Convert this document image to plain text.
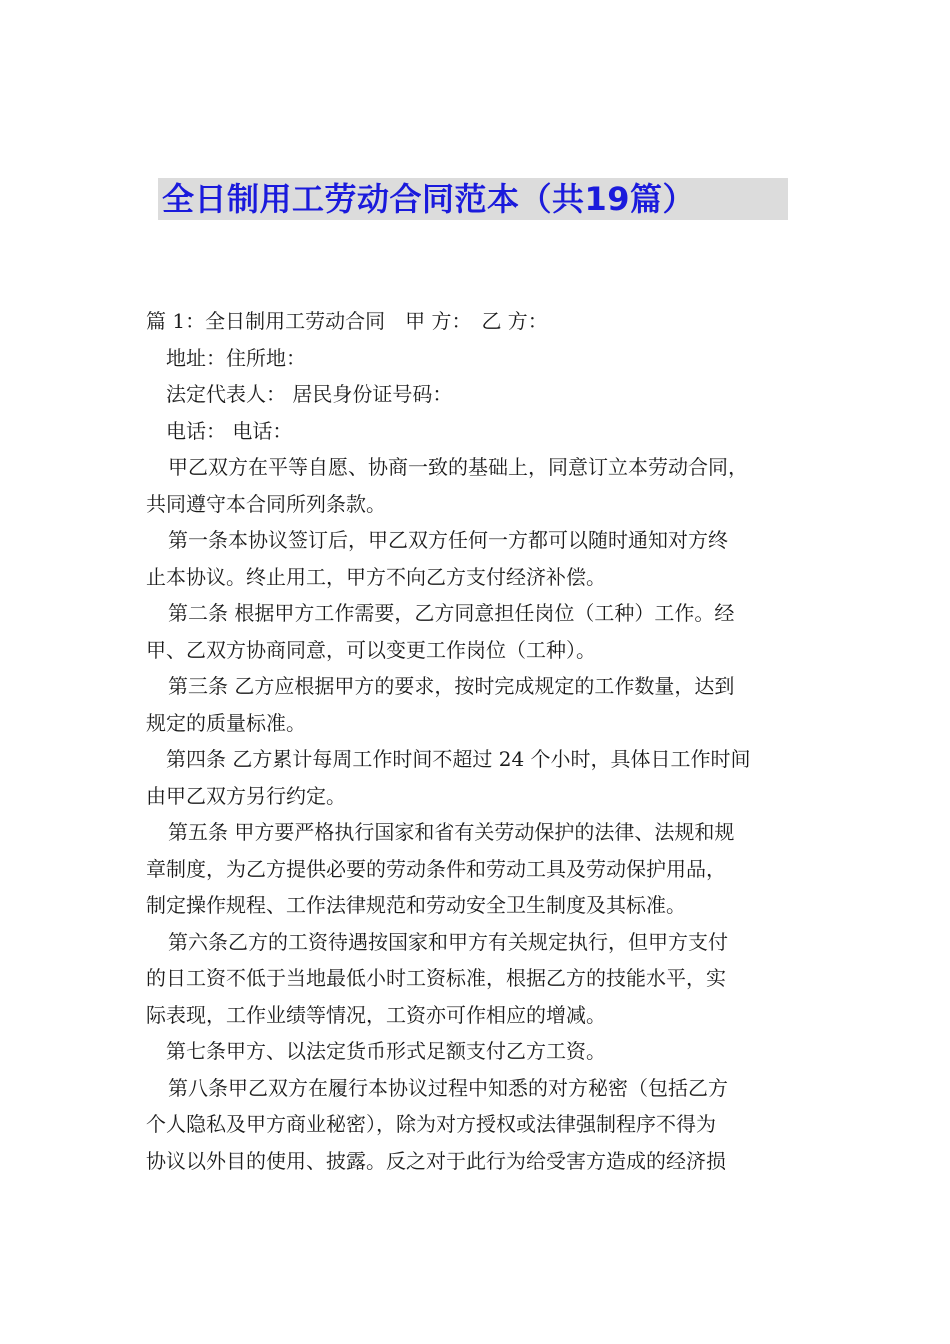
全日制用工劳动合同范本（共19篇）
篇 1：全日制用工劳动合同　甲 方：　乙 方：
地址：住所地：
法定代表人： 居民身份证号码：
电话： 电话：
甲乙双方在平等自愿、协商一致的基础上，同意订立本劳动合同，
共同遵守本合同所列条款。
第一条本协议签订后，甲乙双方任何一方都可以随时通知对方终
止本协议。终止用工，甲方不向乙方支付经济补偿。
第二条 根据甲方工作需要，乙方同意担任岗位（工种）工作。经
甲、乙双方协商同意，可以变更工作岗位（工种）。
第三条 乙方应根据甲方的要求，按时完成规定的工作数量，达到
规定的质量标准。
第四条 乙方累计每周工作时间不超过 24 个小时，具体日工作时间
由甲乙双方另行约定。
第五条 甲方要严格执行国家和省有关劳动保护的法律、法规和规
章制度，为乙方提供必要的劳动条件和劳动工具及劳动保护用品，
制定操作规程、工作法律规范和劳动安全卫生制度及其标准。
第六条乙方的工资待遇按国家和甲方有关规定执行，但甲方支付
的日工资不低于当地最低小时工资标准，根据乙方的技能水平，实
际表现，工作业绩等情况，工资亦可作相应的增减。
第七条甲方、以法定货币形式足额支付乙方工资。
第八条甲乙双方在履行本协议过程中知悉的对方秘密（包括乙方
个人隐私及甲方商业秘密），除为对方授权或法律强制程序不得为
协议以外目的使用、披露。反之对于此行为给受害方造成的经济损
